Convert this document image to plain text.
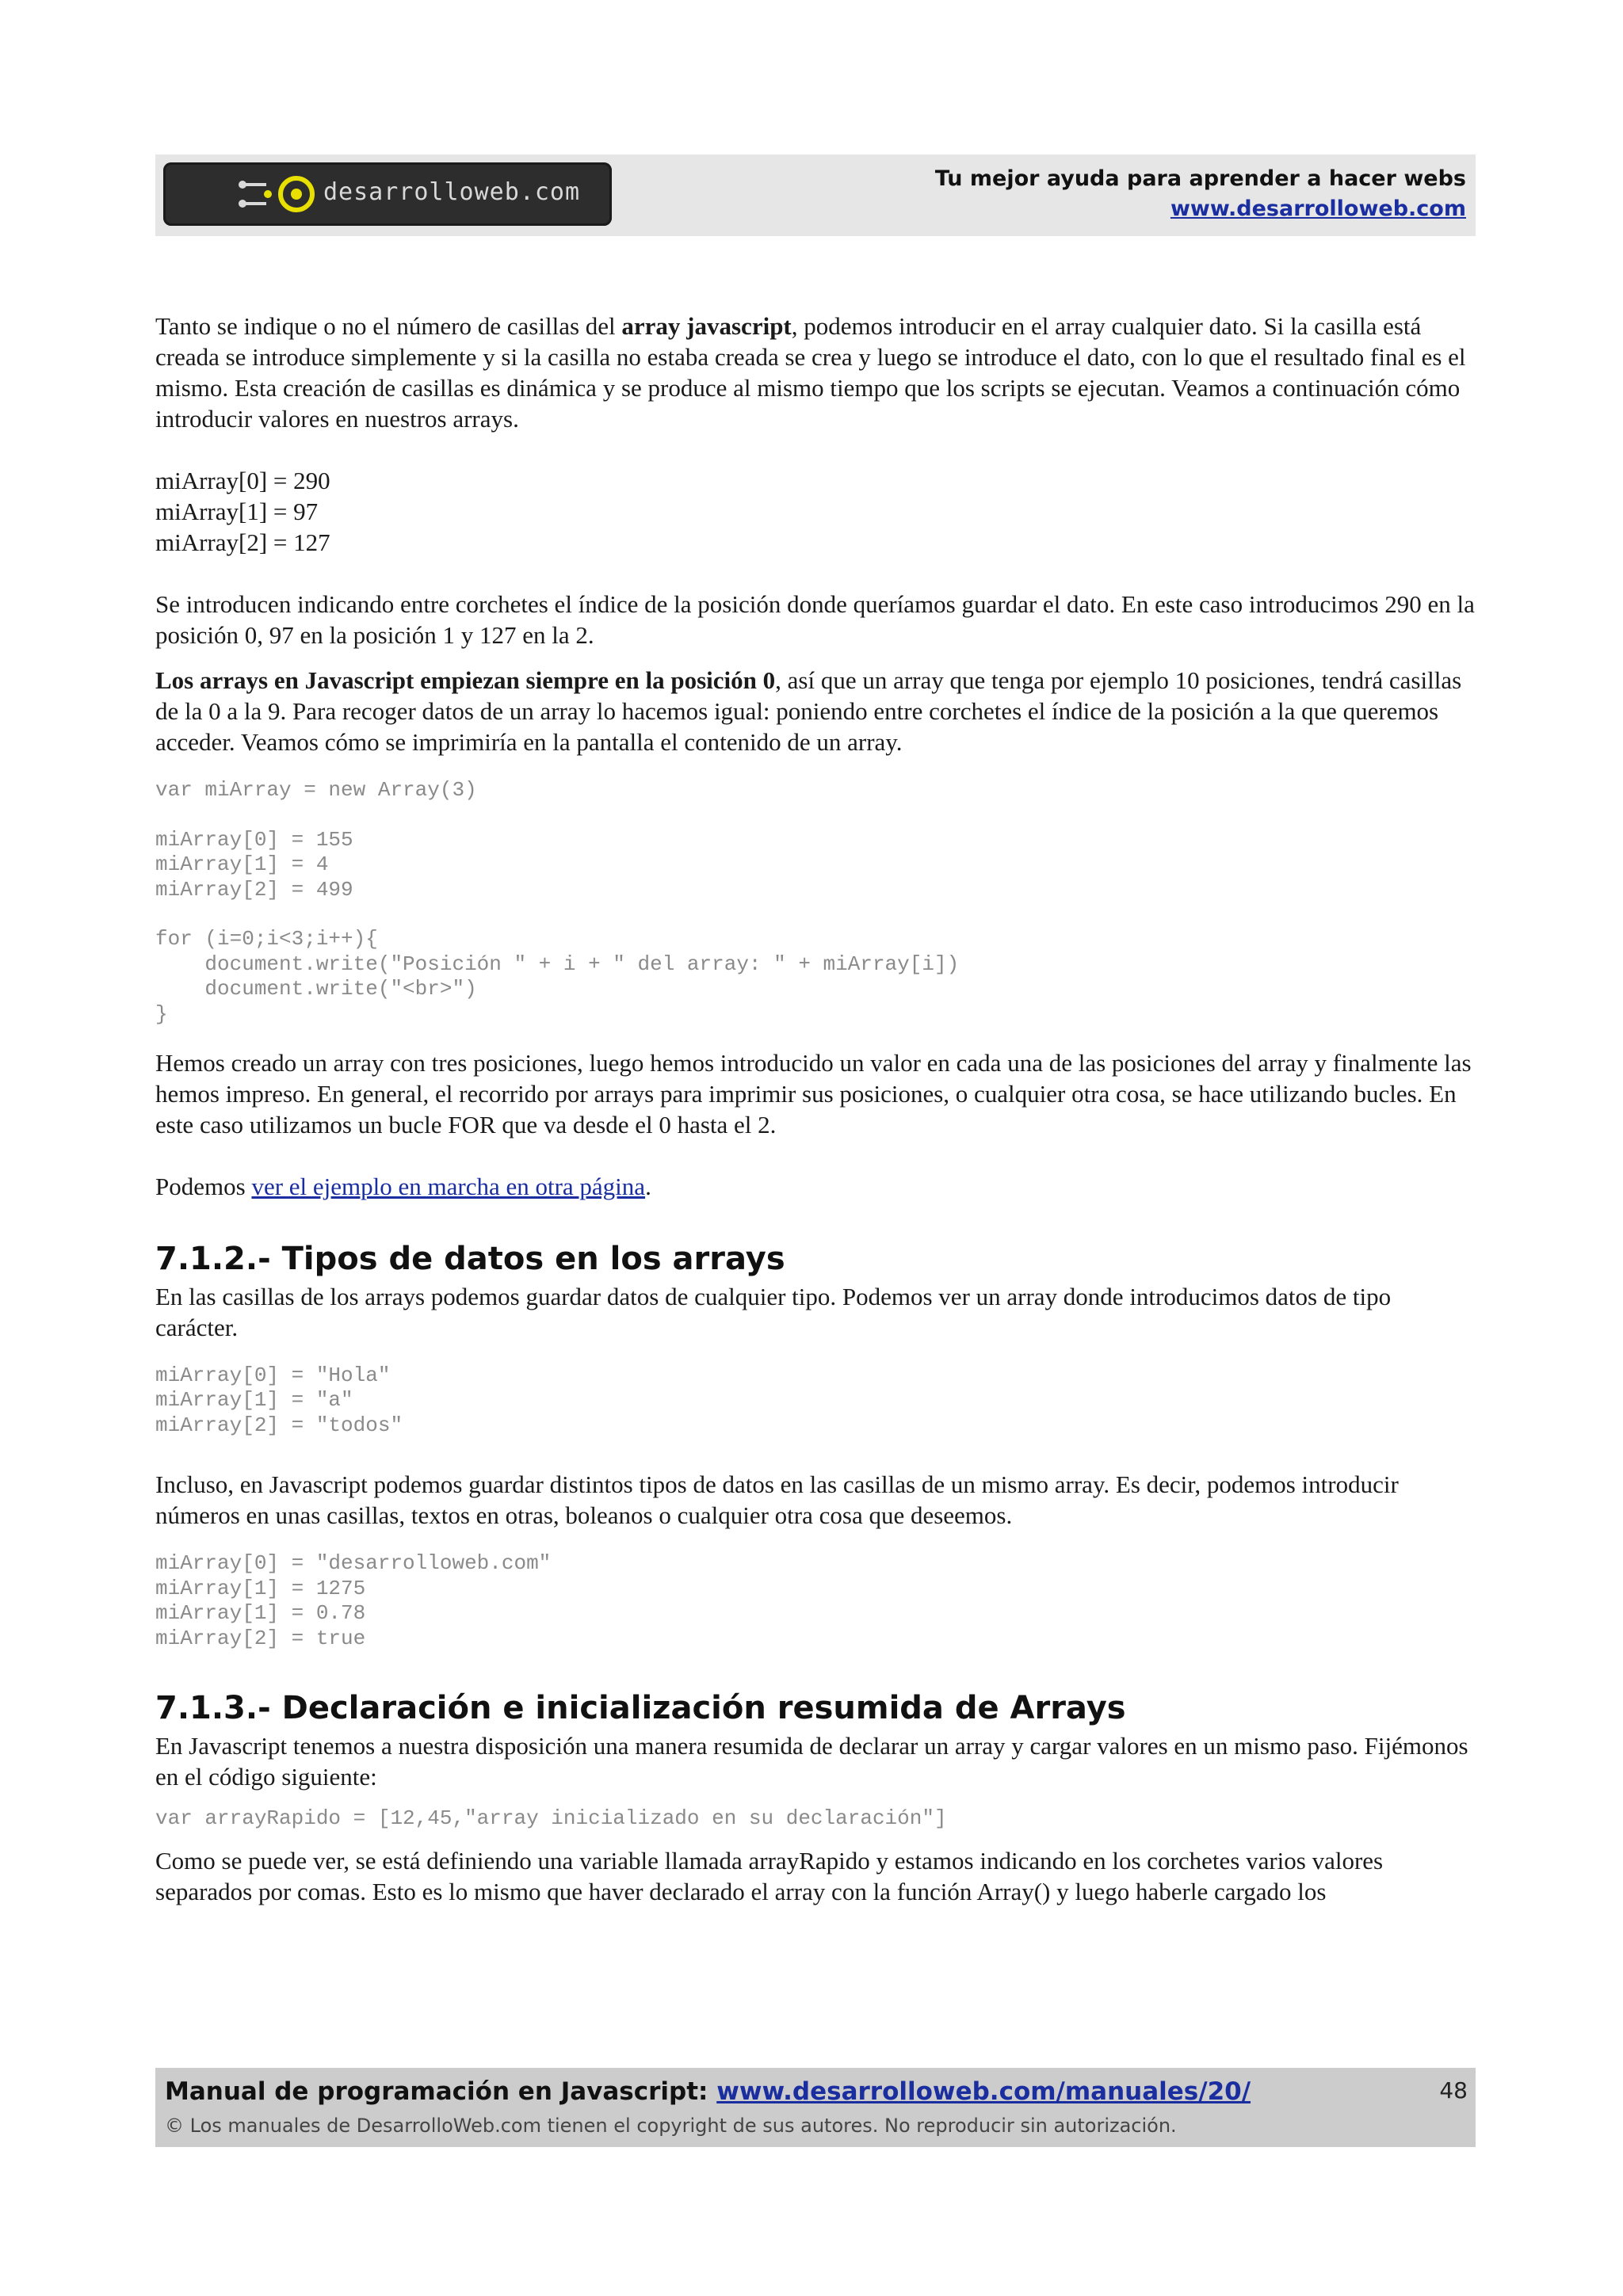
desarrolloweb.com	Tu mejor ayuda para aprender a hacer webs
www.desarrolloweb.com

Tanto se indique o no el número de casillas del array javascript, podemos introducir en el array cualquier dato. Si la casilla está creada se introduce simplemente y si la casilla no estaba creada se crea y luego se introduce el dato, con lo que el resultado final es el mismo. Esta creación de casillas es dinámica y se produce al mismo tiempo que los scripts se ejecutan. Veamos a continuación cómo introducir valores en nuestros arrays.

miArray[0] = 290

miArray[1] = 97

miArray[2] = 127

Se introducen indicando entre corchetes el índice de la posición donde queríamos guardar el dato. En este caso introducimos 290 en la posición 0, 97 en la posición 1 y 127 en la 2.

Los arrays en Javascript empiezan siempre en la posición 0, así que un array que tenga por ejemplo 10 posiciones, tendrá casillas de la 0 a la 9. Para recoger datos de un array lo hacemos igual: poniendo entre corchetes el índice de la posición a la que queremos acceder. Veamos cómo se imprimiría en la pantalla el contenido de un array.

var miArray = new Array(3)

miArray[0] = 155
miArray[1] = 4
miArray[2] = 499

for (i=0;i<3;i++){
document.write("Posición " + i + " del array: " + miArray[i])
document.write("<br>")
}

Hemos creado un array con tres posiciones, luego hemos introducido un valor en cada una de las posiciones del array y finalmente las hemos impreso. En general, el recorrido por arrays para imprimir sus posiciones, o cualquier otra cosa, se hace utilizando bucles. En este caso utilizamos un bucle FOR que va desde el 0 hasta el 2.

Podemos ver el ejemplo en marcha en otra página.

7.1.2.- Tipos de datos en los arrays

En las casillas de los arrays podemos guardar datos de cualquier tipo. Podemos ver un array donde introducimos datos de tipo carácter.

miArray[0] = "Hola"
miArray[1] = "a"
miArray[2] = "todos"

Incluso, en Javascript podemos guardar distintos tipos de datos en las casillas de un mismo array. Es decir, podemos introducir números en unas casillas, textos en otras, boleanos o cualquier otra cosa que deseemos.

miArray[0] = "desarrolloweb.com"
miArray[1] = 1275
miArray[1] = 0.78
miArray[2] = true
7.1.3.- Declaración e inicialización resumida de Arrays

En Javascript tenemos a nuestra disposición una manera resumida de declarar un array y cargar valores en un mismo paso. Fijémonos en el código siguiente:

var arrayRapido = [12,45,"array inicializado en su declaración"]

Como se puede ver, se está definiendo una variable llamada arrayRapido y estamos indicando en los corchetes varios valores separados por comas. Esto es lo mismo que haver declarado el array con la función Array() y luego haberle cargado los

Manual de programación en Javascript: www.desarrolloweb.com/manuales/20/
© Los manuales de DesarrolloWeb.com tienen el copyright de sus autores. No reproducir sin autorización.
48
